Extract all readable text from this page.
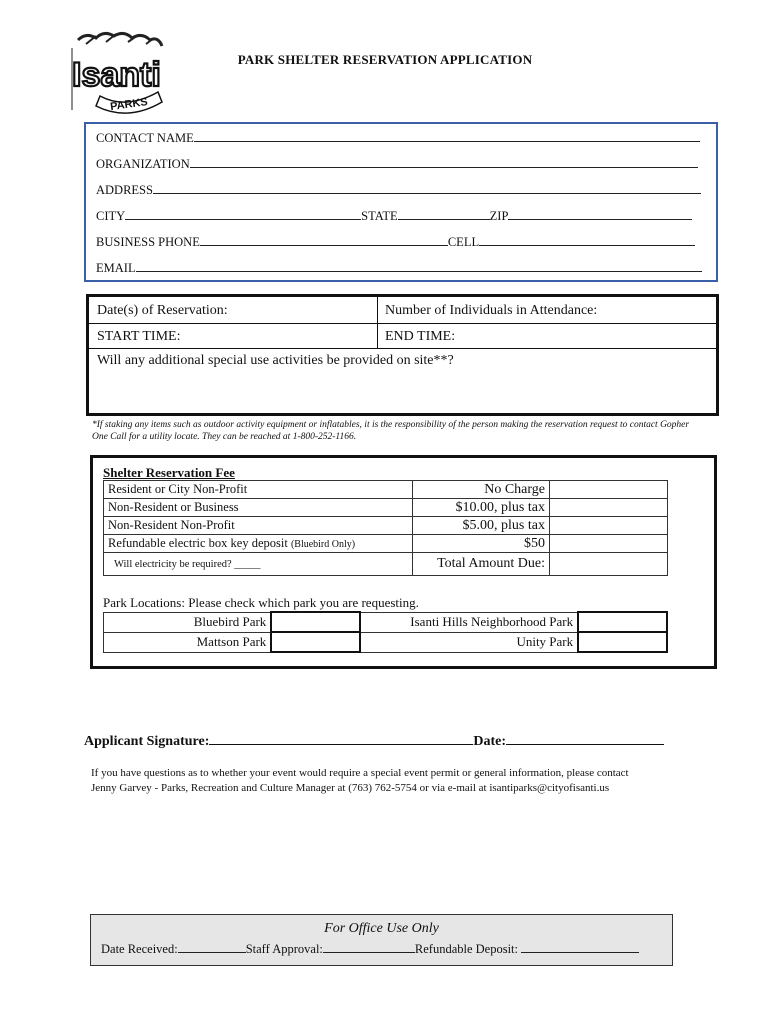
Isanti
PARKS
PARK SHELTER RESERVATION APPLICATION
CONTACT NAME
ORGANIZATION
ADDRESS
CITY	STATE	ZIP
BUSINESS PHONE	CELL
EMAIL
Date(s) of Reservation:	Number of Individuals in Attendance:
START TIME:	END TIME:
Will any additional special use activities be provided on site**?
*If staking any items such as outdoor activity equipment or inflatables, it is the responsibility of the person making the reservation request to contact Gopher One Call for a utility locate. They can be reached at 1-800-252-1166.
Shelter Reservation Fee
Resident or City Non-Profit	No Charge	
Non-Resident or Business	$10.00, plus tax	
Non-Resident Non-Profit	$5.00, plus tax	
Refundable electric box key deposit (Bluebird Only)	$50	
Will electricity be required? _____	Total Amount Due:	
Park Locations: Please check which park you are requesting.
Bluebird Park		Isanti Hills Neighborhood Park	
Mattson Park		Unity Park	
Applicant Signature:	Date:
If you have questions as to whether your event would require a special event permit or general information, please contact
Jenny Garvey - Parks, Recreation and Culture Manager at (763) 762-5754 or via e-mail at isantiparks@cityofisanti.us
For Office Use Only
Date Received:	Staff Approval:	Refundable Deposit:
